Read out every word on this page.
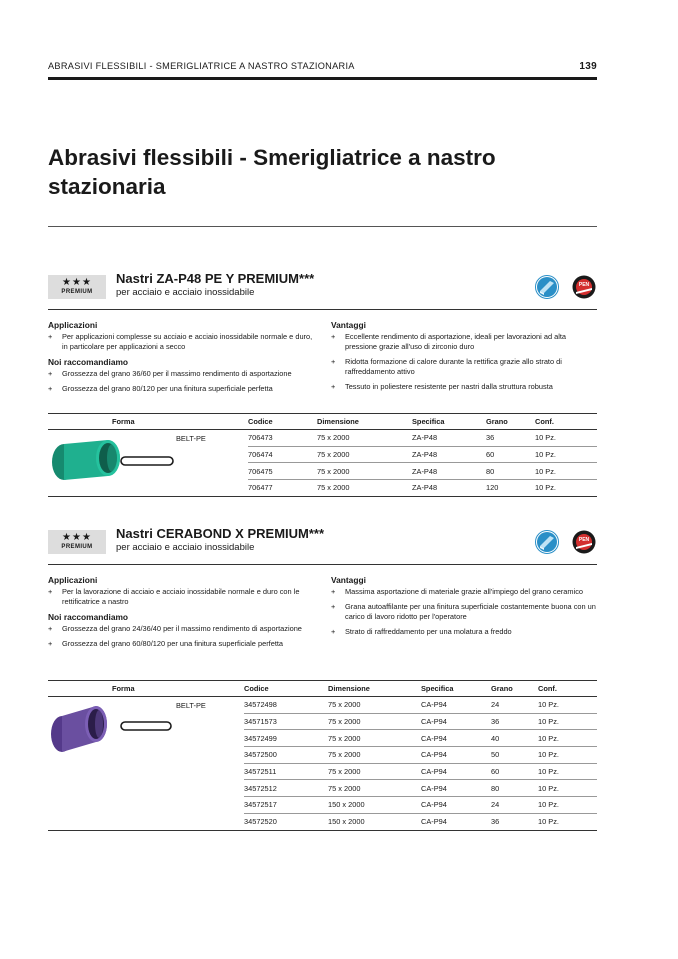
ABRASIVI FLESSIBILI - SMERIGLIATRICE A NASTRO STAZIONARIA	139
Abrasivi flessibili - Smerigliatrice a nastro stazionaria
★★★
PREMIUM
Nastri ZA-P48 PE Y PREMIUM***
per acciaio e acciaio inossidabile
PEN
Applicazioni
+ Per applicazioni complesse su acciaio e acciaio inossidabile normale e duro, in particolare per applicazioni a secco
Noi raccomandiamo
+ Grossezza del grano 36/60 per il massimo rendimento di asportazione
+ Grossezza del grano 80/120 per una finitura superficiale perfetta
Vantaggi
+ Eccellente rendimento di asportazione, ideali per lavorazioni ad alta pressione grazie all'uso di zirconio duro
+ Ridotta formazione di calore durante la rettifica grazie allo strato di raffreddamento attivo
+ Tessuto in poliestere resistente per nastri dalla struttura robusta
Forma		Codice	Dimensione	Specifica	Grano	Conf.
	BELT-PE	706473	75 x 2000	ZA-P48	36	10 Pz.
		706474	75 x 2000	ZA-P48	60	10 Pz.
		706475	75 x 2000	ZA-P48	80	10 Pz.
		706477	75 x 2000	ZA-P48	120	10 Pz.
★★★
PREMIUM
Nastri CERABOND X PREMIUM***
per acciaio e acciaio inossidabile
PEN
Applicazioni
+ Per la lavorazione di acciaio e acciaio inossidabile normale e duro con le rettificatrice a nastro
Noi raccomandiamo
+ Grossezza del grano 24/36/40 per il massimo rendimento di asportazione
+ Grossezza del grano 60/80/120 per una finitura superficiale perfetta
Vantaggi
+ Massima asportazione di materiale grazie all'impiego del grano ceramico
+ Grana autoaffilante per una finitura superficiale costantemente buona con un carico di lavoro ridotto per l'operatore
+ Strato di raffreddamento per una molatura a freddo
Forma		Codice	Dimensione	Specifica	Grano	Conf.
	BELT-PE	34572498	75 x 2000	CA-P94	24	10 Pz.
		34571573	75 x 2000	CA-P94	36	10 Pz.
		34572499	75 x 2000	CA-P94	40	10 Pz.
		34572500	75 x 2000	CA-P94	50	10 Pz.
		34572511	75 x 2000	CA-P94	60	10 Pz.
		34572512	75 x 2000	CA-P94	80	10 Pz.
		34572517	150 x 2000	CA-P94	24	10 Pz.
		34572520	150 x 2000	CA-P94	36	10 Pz.
